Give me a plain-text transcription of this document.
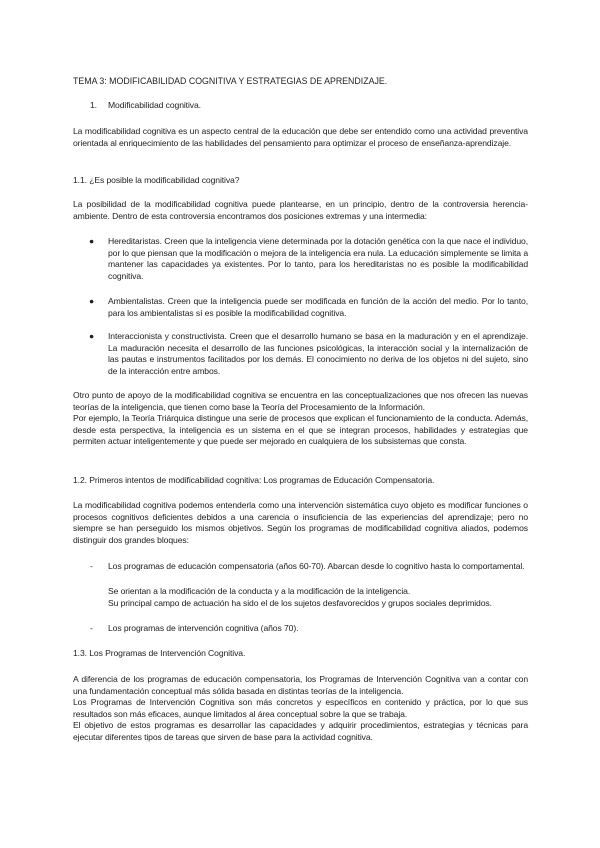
TEMA 3: MODIFICABILIDAD COGNITIVA Y ESTRATEGIAS DE APRENDIZAJE.
1.	Modificabilidad cognitiva.
La modificabilidad cognitiva es un aspecto central de la educación que debe ser entendido como una actividad preventiva orientada al enriquecimiento de las habilidades del pensamiento para optimizar el proceso de enseñanza-aprendizaje.
1.1. ¿Es posible la modificabilidad cognitiva?
La posibilidad de la modificabilidad cognitiva puede plantearse, en un principio, dentro de la controversia herencia-ambiente. Dentro de esta controversia encontramos dos posiciones extremas y una intermedia:
● Hereditaristas. Creen que la inteligencia viene determinada por la dotación genética con la que nace el individuo, por lo que piensan que la modificación o mejora de la inteligencia era nula. La educación simplemente se limita a mantener las capacidades ya existentes. Por lo tanto, para los hereditaristas no es posible la modificabilidad cognitiva.
● Ambientalistas. Creen que la inteligencia puede ser modificada en función de la acción del medio. Por lo tanto, para los ambientalistas sí es posible la modificabilidad cognitiva.
● Interaccionista y constructivista. Creen que el desarrollo humano se basa en la maduración y en el aprendizaje. La maduración necesita el desarrollo de las funciones psicológicas, la interacción social y la internalización de las pautas e instrumentos facilitados por los demás. El conocimiento no deriva de los objetos ni del sujeto, sino de la interacción entre ambos.
Otro punto de apoyo de la modificabilidad cognitiva se encuentra en las conceptualizaciones que nos ofrecen las nuevas teorías de la inteligencia, que tienen como base la Teoría del Procesamiento de la Información.
Por ejemplo, la Teoría Triárquica distingue una serie de procesos que explican el funcionamiento de la conducta. Además, desde esta perspectiva, la inteligencia es un sistema en el que se integran procesos, habilidades y estrategias que permiten actuar inteligentemente y que puede ser mejorado en cualquiera de los subsistemas que consta.
1.2. Primeros intentos de modificabilidad cognitiva: Los programas de Educación Compensatoria.
La modificabilidad cognitiva podemos entenderla como una intervención sistemática cuyo objeto es modificar funciones o procesos cognitivos deficientes debidos a una carencia o insuficiencia de las experiencias del aprendizaje; pero no siempre se han perseguido los mismos objetivos. Según los programas de modificabilidad cognitiva aliados, podemos distinguir dos grandes bloques:
- Los programas de educación compensatoria (años 60-70). Abarcan desde lo cognitivo hasta lo comportamental.
Se orientan a la modificación de la conducta y a la modificación de la inteligencia.
Su principal campo de actuación ha sido el de los sujetos desfavorecidos y grupos sociales deprimidos.
- Los programas de intervención cognitiva (años 70).
1.3. Los Programas de Intervención Cognitiva.
A diferencia de los programas de educación compensatoria, los Programas de Intervención Cognitiva van a contar con una fundamentación conceptual más sólida basada en distintas teorías de la inteligencia.
Los Programas de Intervención Cognitiva son más concretos y específicos en contenido y práctica, por lo que sus resultados son más eficaces, aunque limitados al área conceptual sobre la que se trabaja.
El objetivo de estos programas es desarrollar las capacidades y adquirir procedimientos, estrategias y técnicas para ejecutar diferentes tipos de tareas que sirven de base para la actividad cognitiva.
